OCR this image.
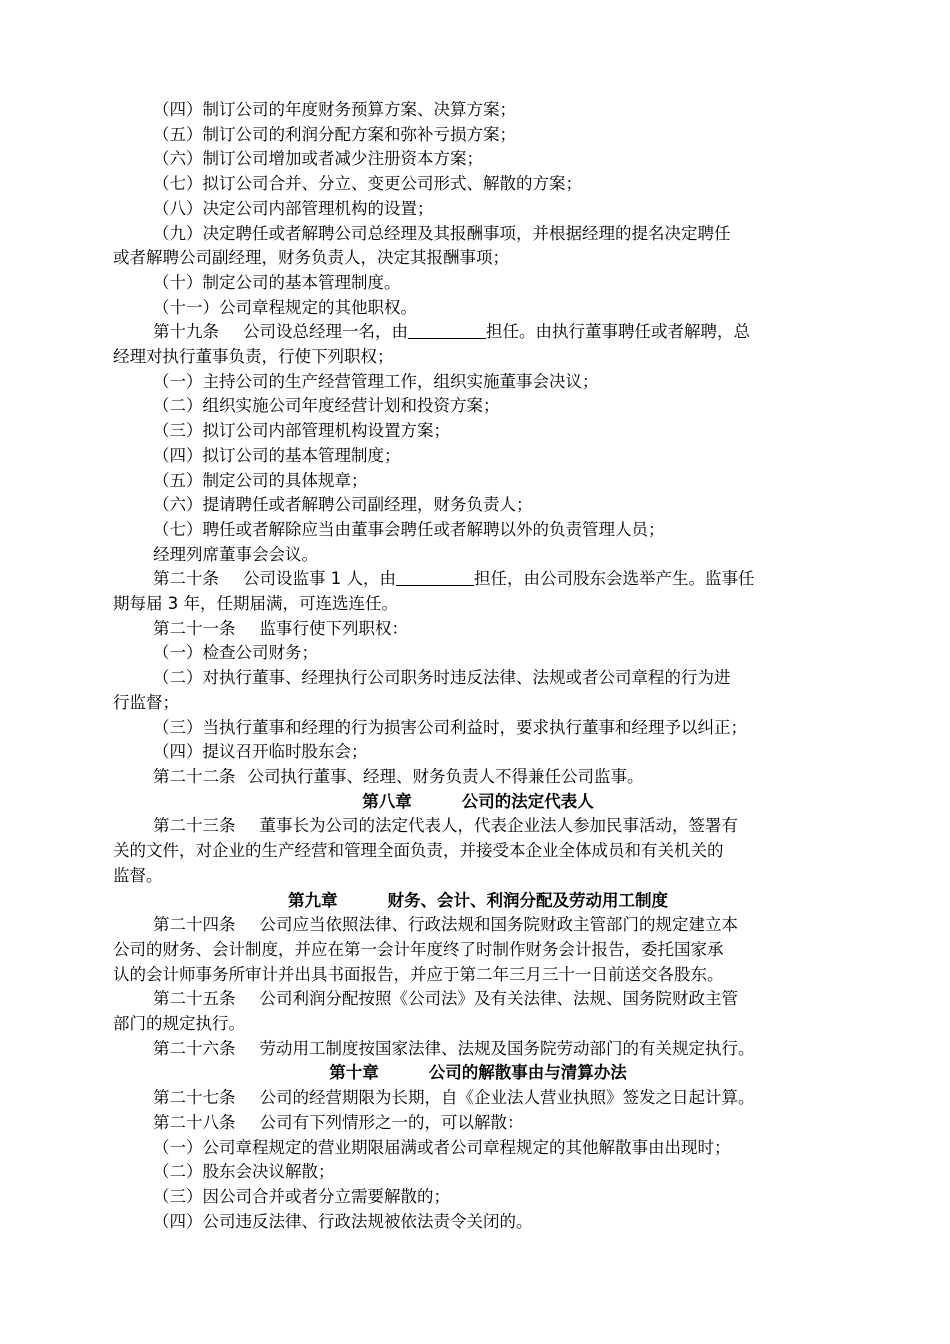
（四）制订公司的年度财务预算方案、决算方案；

（五）制订公司的利润分配方案和弥补亏损方案；

（六）制订公司增加或者减少注册资本方案；

（七）拟订公司合并、分立、变更公司形式、解散的方案；

（八）决定公司内部管理机构的设置；

（九）决定聘任或者解聘公司总经理及其报酬事项，并根据经理的提名决定聘任

或者解聘公司副经理，财务负责人，决定其报酬事项；

（十）制定公司的基本管理制度。

（十一）公司章程规定的其他职权。

第十九条 公司设总经理一名，由	担任。由执行董事聘任或者解聘，总

经理对执行董事负责，行使下列职权；

（一）主持公司的生产经营管理工作，组织实施董事会决议；

（二）组织实施公司年度经营计划和投资方案；

（三）拟订公司内部管理机构设置方案；

（四）拟订公司的基本管理制度；

（五）制定公司的具体规章；

（六）提请聘任或者解聘公司副经理，财务负责人；

（七）聘任或者解除应当由董事会聘任或者解聘以外的负责管理人员；

经理列席董事会会议。

第二十条 公司设监事 1 人，由	担任，由公司股东会选举产生。监事任

期每届 3 年，任期届满，可连选连任。

第二十一条 监事行使下列职权：

（一）检查公司财务；

（二）对执行董事、经理执行公司职务时违反法律、法规或者公司章程的行为进

行监督；

（三）当执行董事和经理的行为损害公司利益时，要求执行董事和经理予以纠正；

（四）提议召开临时股东会；

第二十二条 公司执行董事、经理、财务负责人不得兼任公司监事。

第八章	公司的法定代表人

第二十三条 董事长为公司的法定代表人，代表企业法人参加民事活动，签署有

关的文件，对企业的生产经营和管理全面负责，并接受本企业全体成员和有关机关的

监督。

第九章	财务、会计、利润分配及劳动用工制度

第二十四条 公司应当依照法律、行政法规和国务院财政主管部门的规定建立本

公司的财务、会计制度，并应在第一会计年度终了时制作财务会计报告，委托国家承

认的会计师事务所审计并出具书面报告，并应于第二年三月三十一日前送交各股东。

第二十五条 公司利润分配按照《公司法》及有关法律、法规、国务院财政主管

部门的规定执行。

第二十六条 劳动用工制度按国家法律、法规及国务院劳动部门的有关规定执行。

第十章	公司的解散事由与清算办法

第二十七条 公司的经营期限为长期，自《企业法人营业执照》签发之日起计算。

第二十八条 公司有下列情形之一的，可以解散：

（一）公司章程规定的营业期限届满或者公司章程规定的其他解散事由出现时；

（二）股东会决议解散；

（三）因公司合并或者分立需要解散的；

（四）公司违反法律、行政法规被依法责令关闭的。
